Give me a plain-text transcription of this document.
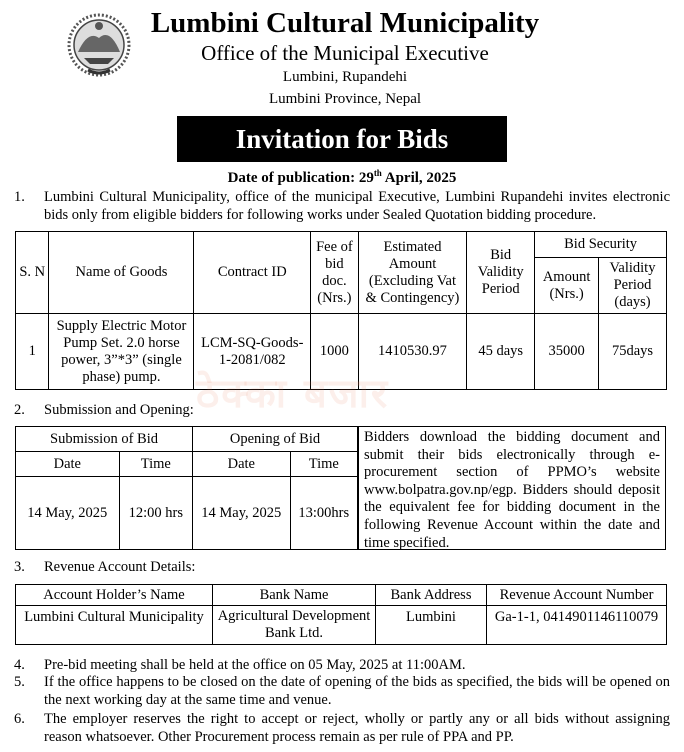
Lumbini Cultural Municipality
Office of the Municipal Executive
Lumbini, Rupandehi
Lumbini Province, Nepal
Invitation for Bids
Date of publication: 29th April, 2025
1. Lumbini Cultural Municipality, office of the municipal Executive, Lumbini Rupandehi invites electronic bids only from eligible bidders for following works under Sealed Quotation bidding procedure.
S. N	Name of Goods	Contract ID	Fee of bid doc. (Nrs.)	Estimated Amount (Excluding Vat & Contingency)	Bid Validity Period	Bid Security	
						Amount (Nrs.)	Validity Period (days)
1	Supply Electric Motor Pump Set. 2.0 horse power, 3”*3” (single phase) pump.	LCM-SQ-Goods-1-2081/082	1000	1410530.97	45 days	35000	75days
ठेक्का बजार
2. Submission and Opening:
Submission of Bid		Opening of Bid	
Date	Time	Date	Time
14 May, 2025	12:00 hrs	14 May, 2025	13:00hrs
Bidders download the bidding document and submit their bids electronically through e-procurement section of PPMO’s website www.bolpatra.gov.np/egp. Bidders should deposit the equivalent fee for bidding document in the following Revenue Account within the date and time specified.
3. Revenue Account Details:
Account Holder’s Name	Bank Name	Bank Address	Revenue Account Number
Lumbini Cultural Municipality	Agricultural Development Bank Ltd.	Lumbini	Ga-1-1, 0414901146110079
4. Pre-bid meeting shall be held at the office on 05 May, 2025 at 11:00AM.
5. If the office happens to be closed on the date of opening of the bids as specified, the bids will be opened on the next working day at the same time and venue.
6. The employer reserves the right to accept or reject, wholly or partly any or all bids without assigning reason whatsoever. Other Procurement process remain as per rule of PPA and PP.
